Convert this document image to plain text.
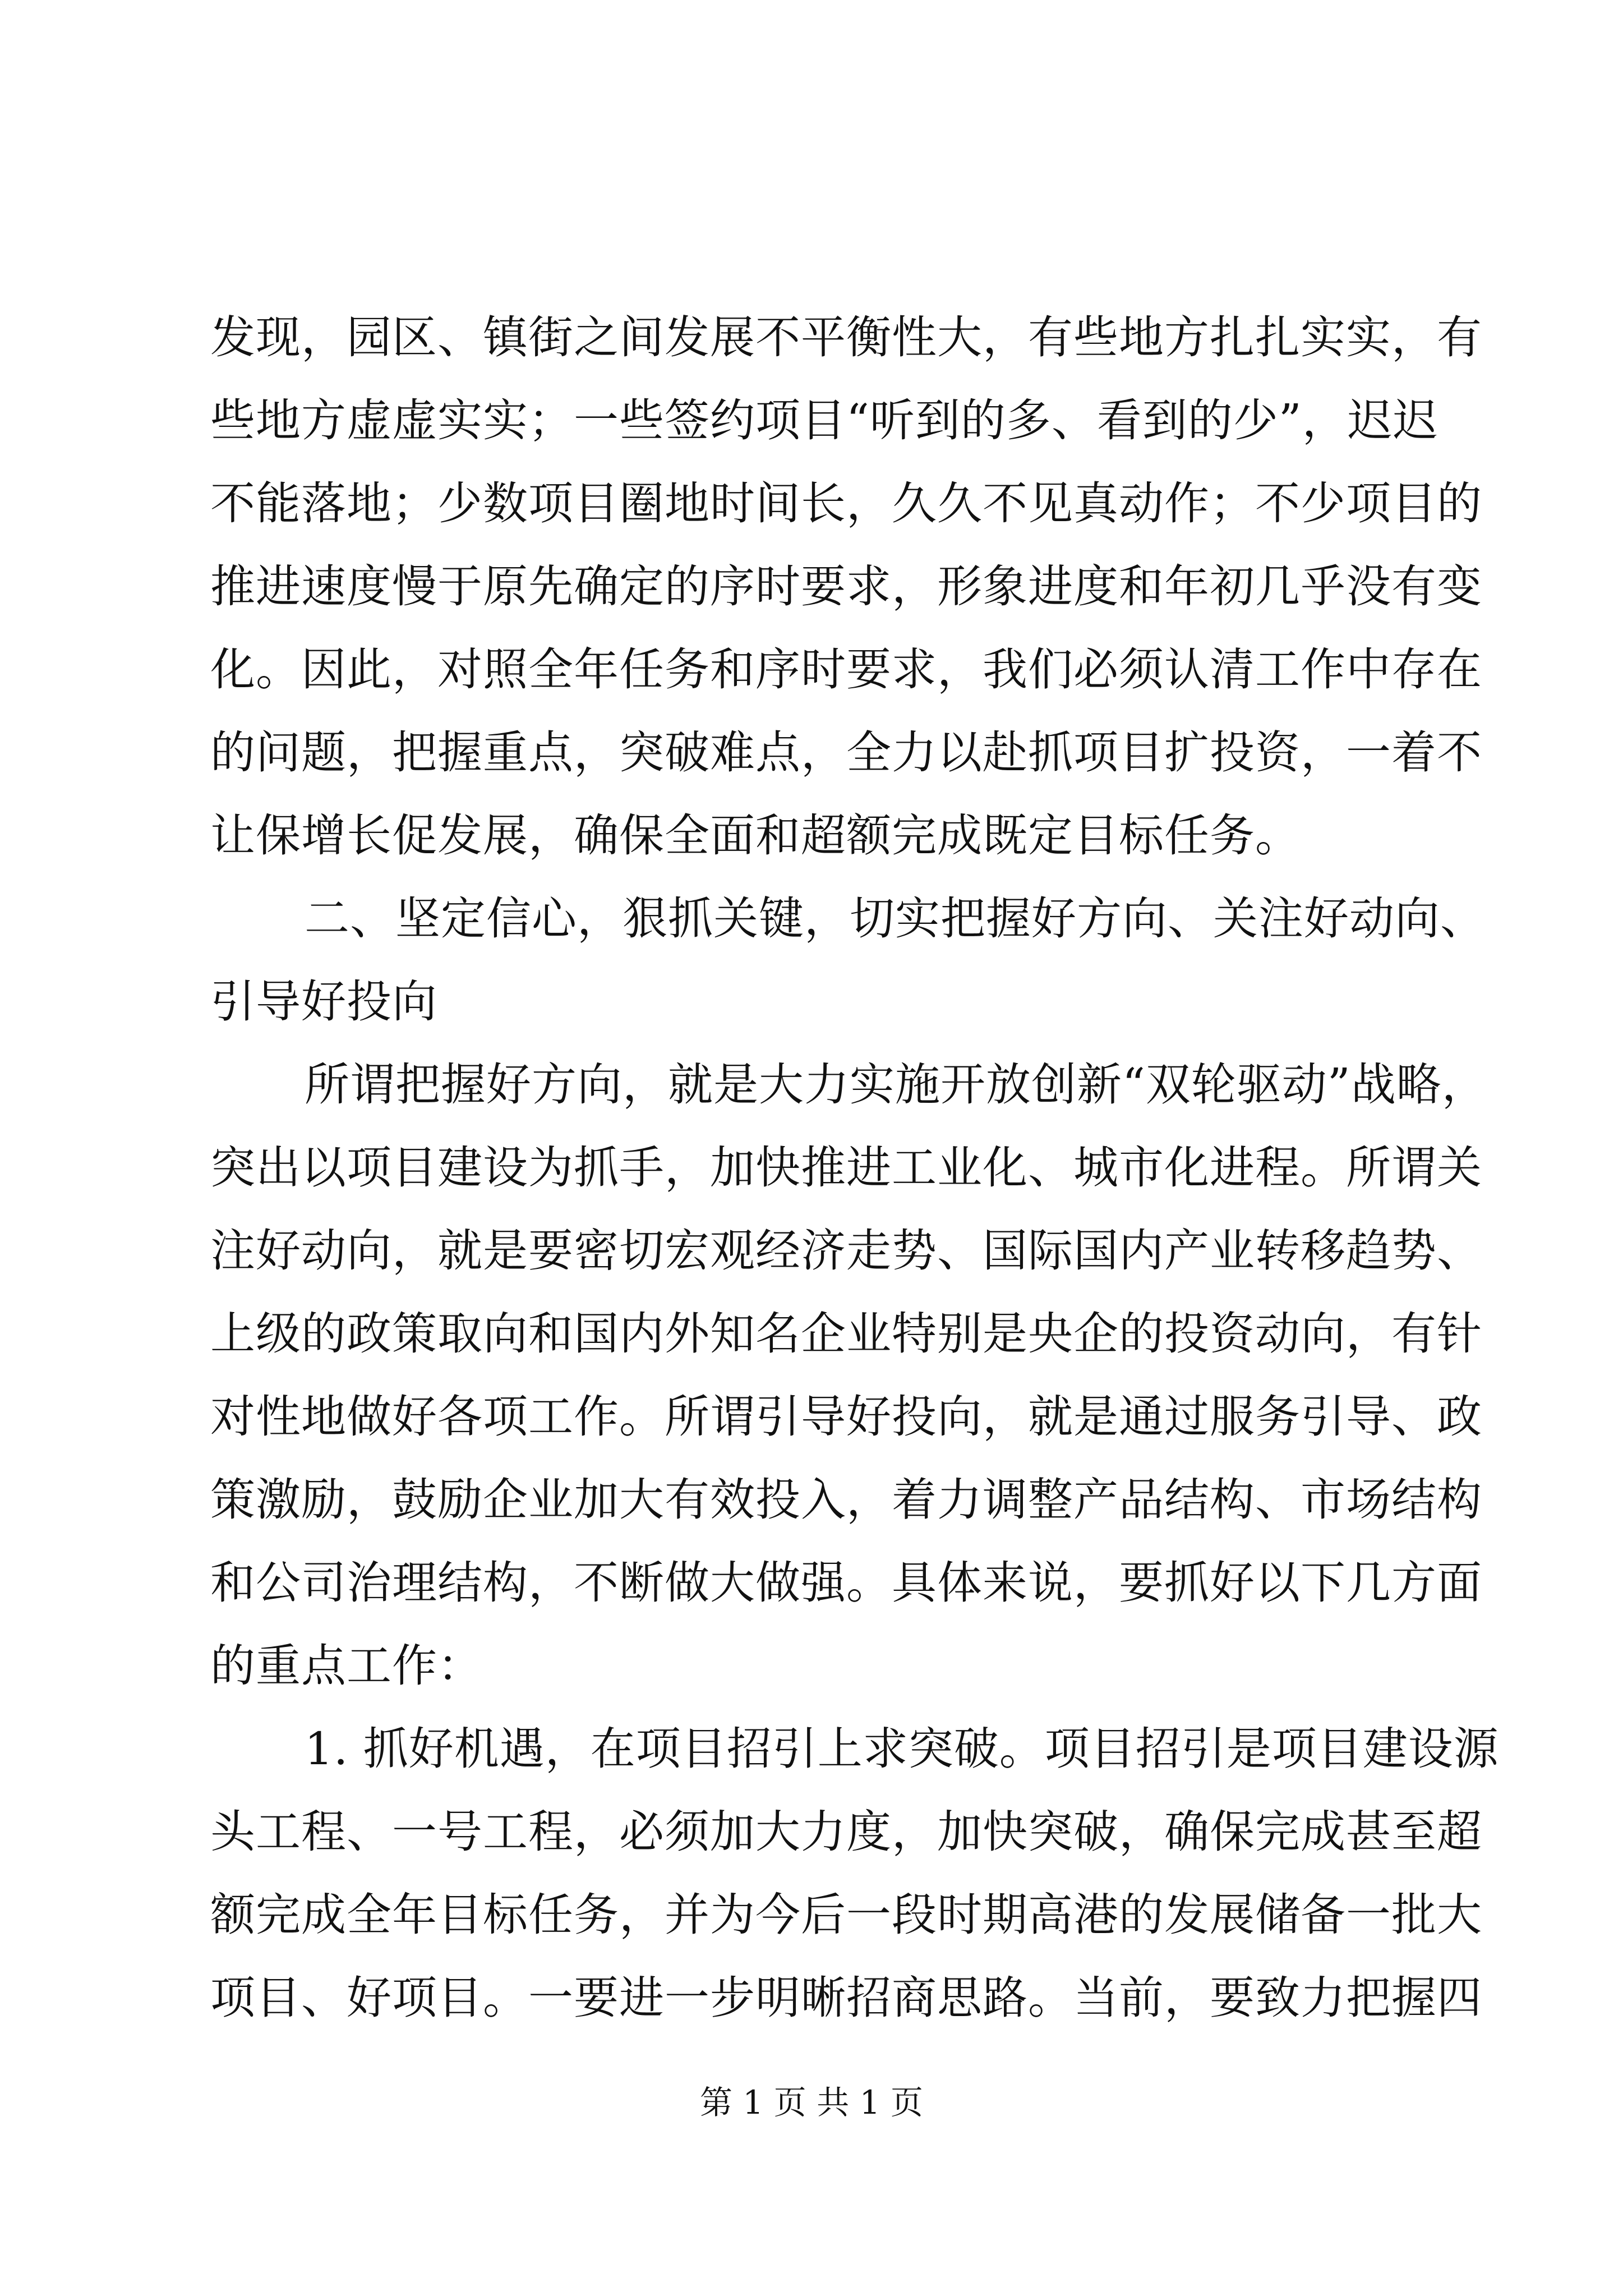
发现，园区、镇街之间发展不平衡性大，有些地方扎扎实实，有
些地方虚虚实实；一些签约项目“听到的多、看到的少”，迟迟
不能落地；少数项目圈地时间长，久久不见真动作；不少项目的
推进速度慢于原先确定的序时要求，形象进度和年初几乎没有变
化。因此，对照全年任务和序时要求，我们必须认清工作中存在
的问题，把握重点，突破难点，全力以赴抓项目扩投资，一着不
让保增长促发展，确保全面和超额完成既定目标任务。
二、坚定信心，狠抓关键，切实把握好方向、关注好动向、
引导好投向
所谓把握好方向，就是大力实施开放创新“双轮驱动”战略，
突出以项目建设为抓手，加快推进工业化、城市化进程。所谓关
注好动向，就是要密切宏观经济走势、国际国内产业转移趋势、
上级的政策取向和国内外知名企业特别是央企的投资动向，有针
对性地做好各项工作。所谓引导好投向，就是通过服务引导、政
策激励，鼓励企业加大有效投入，着力调整产品结构、市场结构
和公司治理结构，不断做大做强。具体来说，要抓好以下几方面
的重点工作：
1. 抓好机遇，在项目招引上求突破。项目招引是项目建设源
头工程、一号工程，必须加大力度，加快突破，确保完成甚至超
额完成全年目标任务，并为今后一段时期高港的发展储备一批大
项目、好项目。一要进一步明晰招商思路。当前，要致力把握四
第 1 页 共 1 页
